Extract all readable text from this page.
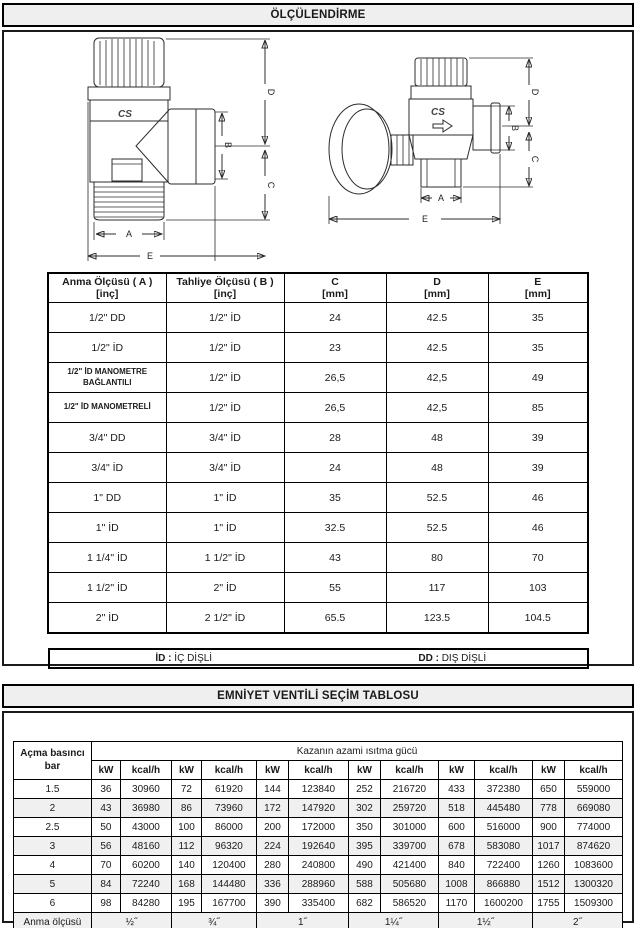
ÖLÇÜLENDİRME
CS
A
E
D
C
B
CS
A
E
D
C
B
Anma Ölçüsü ( A )
[inç]

Tahliye Ölçüsü ( B )
[inç]

C
[mm]

D
[mm]

E
[mm]

1/2" DD	1/2" İD	24	42.5	35
1/2" İD	1/2" İD	23	42.5	35
1/2" İD MANOMETRE BAĞLANTILI	1/2" İD	26,5	42,5	49
1/2" İD MANOMETRELİ	1/2" İD	26,5	42,5	85
3/4" DD	3/4" İD	28	48	39
3/4" İD	3/4" İD	24	48	39
1" DD	1" İD	35	52.5	46
1" İD	1" İD	32.5	52.5	46
1 1/4" İD	1 1/2" İD	43	80	70
1 1/2" İD	2" İD	55	117	103
2" İD	2 1/2" İD	65.5	123.5	104.5
İD : İÇ DİŞLİ	DD : DIŞ DİŞLİ
EMNİYET VENTİLİ SEÇİM TABLOSU
Açma basıncı
bar	Kazanın azami ısıtma gücü											
	kW	kcal/h	kW	kcal/h	kW	kcal/h	kW	kcal/h	kW	kcal/h	kW	kcal/h
1.5	36	30960	72	61920	144	123840	252	216720	433	372380	650	559000
2	43	36980	86	73960	172	147920	302	259720	518	445480	778	669080
2.5	50	43000	100	86000	200	172000	350	301000	600	516000	900	774000
3	56	48160	112	96320	224	192640	395	339700	678	583080	1017	874620
4	70	60200	140	120400	280	240800	490	421400	840	722400	1260	1083600
5	84	72240	168	144480	336	288960	588	505680	1008	866880	1512	1300320
6	98	84280	195	167700	390	335400	682	586520	1170	1600200	1755	1509300
Anma ölçüsü	½˝		¾˝		1˝		1¼˝		1½˝		2˝	
